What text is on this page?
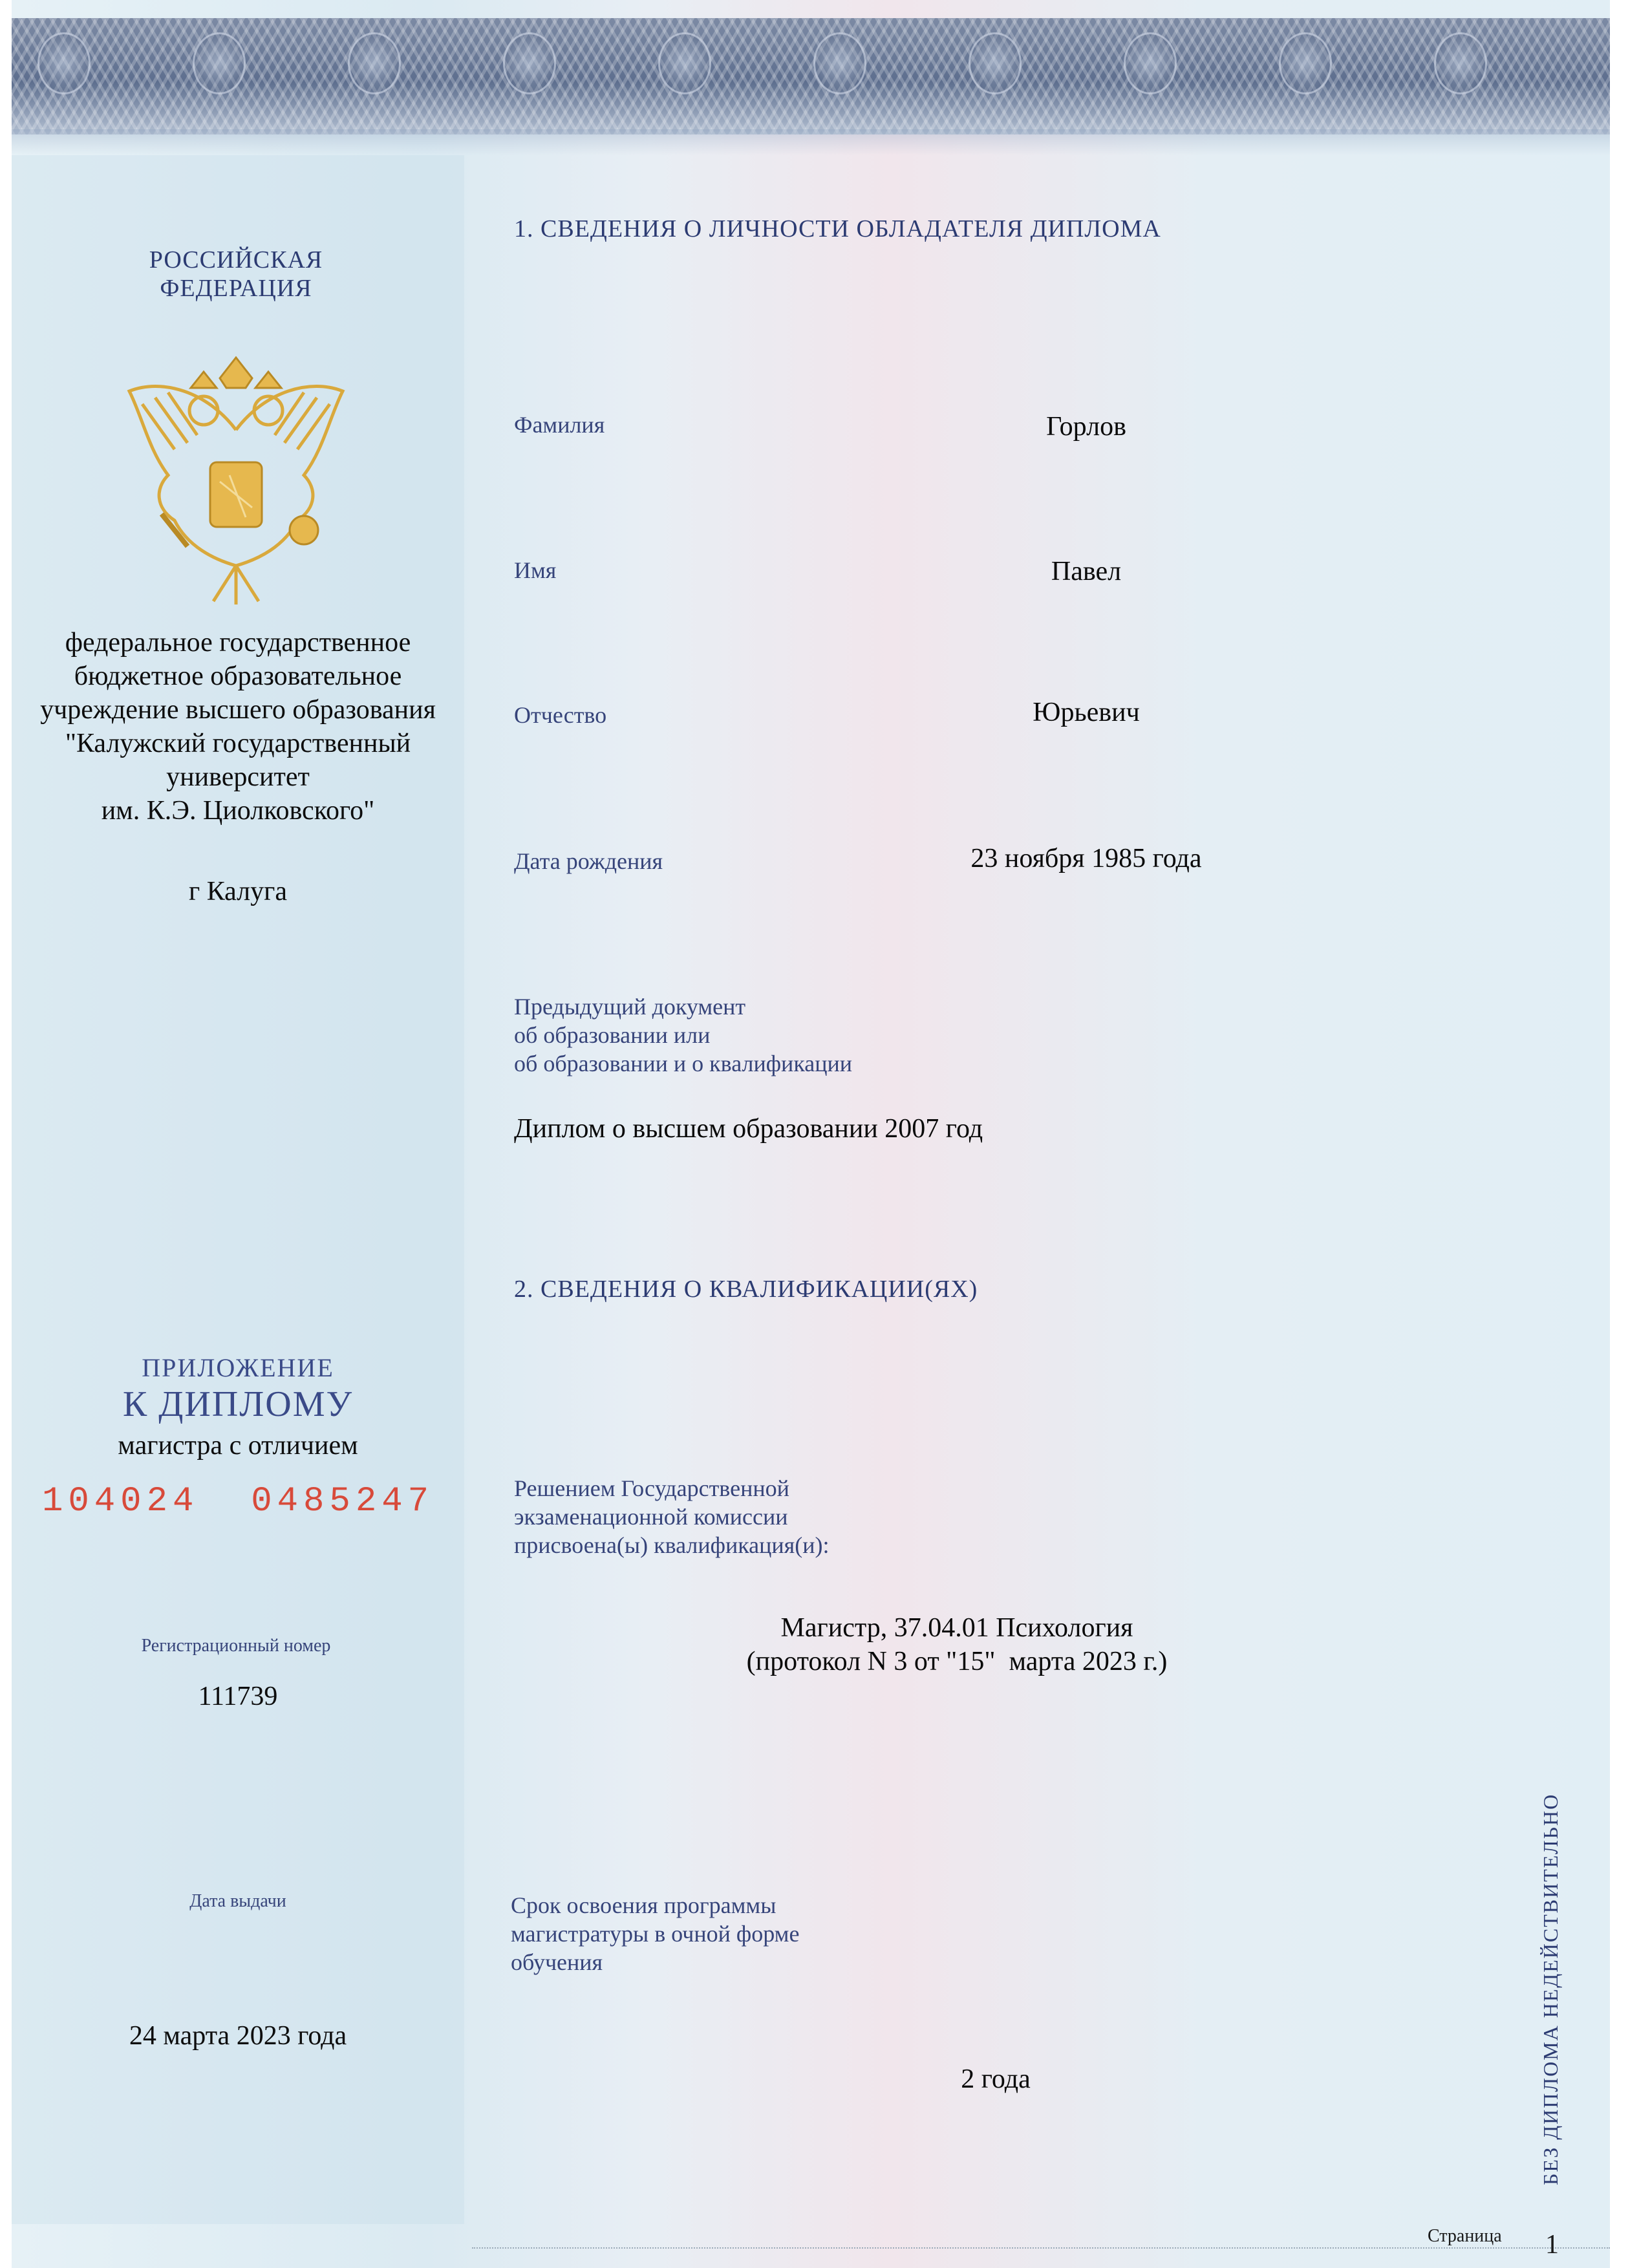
РОССИЙСКАЯ ФЕДЕРАЦИЯ
федеральное государственное
бюджетное образовательное
учреждение высшего образования
"Калужский государственный
университет
им. К.Э. Циолковского"
г Калуга
ПРИЛОЖЕНИЕ
К ДИПЛОМУ
магистра с отличием
104024  0485247
Регистрационный номер
111739
Дата выдачи
24 марта 2023 года
1. СВЕДЕНИЯ О ЛИЧНОСТИ ОБЛАДАТЕЛЯ ДИПЛОМА
Фамилия	Горлов
Имя	Павел
Отчество	Юрьевич
Дата рождения	23 ноября 1985 года
Предыдущий документ
об образовании или
об образовании и о квалификации
Диплом о высшем образовании 2007 год
2. СВЕДЕНИЯ О КВАЛИФИКАЦИИ(ЯХ)
Решением Государственной
экзаменационной комиссии
присвоена(ы) квалификация(и):
Магистр, 37.04.01 Психология
(протокол N 3 от "15"  марта 2023 г.)
Срок освоения программы
магистратуры в очной форме
обучения
2 года	БЕЗ ДИПЛОМА НЕДЕЙСТВИТЕЛЬНО
Страница 1
